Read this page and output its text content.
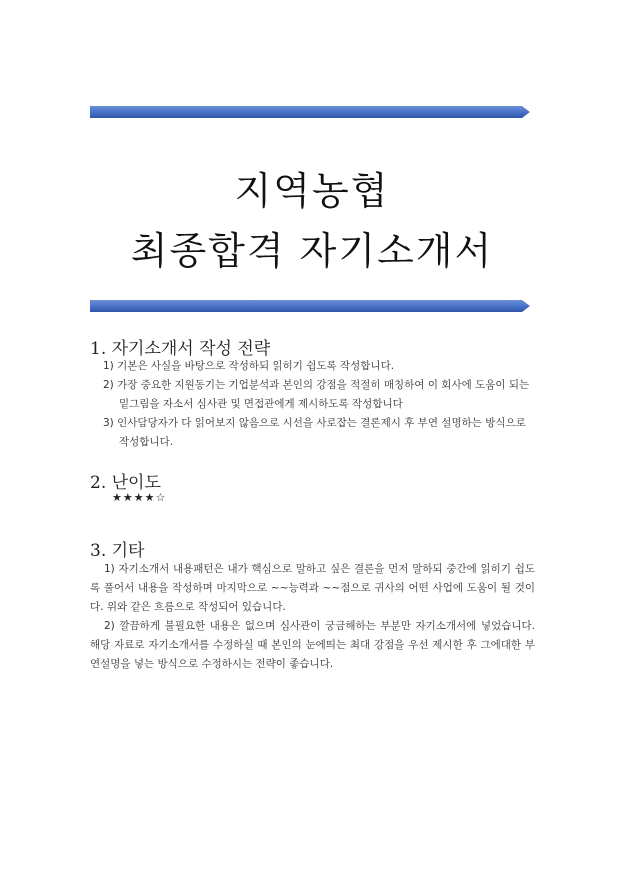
지역농협
최종합격 자기소개서
1. 자기소개서 작성 전략
1) 기본은 사실을 바탕으로 작성하되 읽히기 쉽도록 작성합니다.
2) 가장 중요한 지원동기는 기업분석과 본인의 강점을 적절히 매칭하여 이 회사에 도움이 되는 밑그림을 자소서 심사관 및 면접관에게 제시하도록 작성합니다
3) 인사담당자가 다 읽어보지 않음으로 시선을 사로잡는 결론제시 후 부연 설명하는 방식으로 작성합니다.
2. 난이도
★★★★☆
3. 기타

1) 자기소개서 내용패턴은 내가 핵심으로 말하고 싶은 결론을 먼저 말하되 중간에 읽히기 쉽도록 풀어서 내용을 작성하며 마지막으로 ~~능력과 ~~점으로 귀사의 어떤 사업에 도움이 될 것이다. 위와 같은 흐름으로 작성되어 있습니다.

2) 깔끔하게 불필요한 내용은 없으며 심사관이 궁금해하는 부분만 자기소개서에 넣었습니다. 해당 자료로 자기소개서를 수정하실 때 본인의 눈에띄는 최대 강점을 우선 제시한 후 그에대한 부연설명을 넣는 방식으로 수정하시는 전략이 좋습니다.
